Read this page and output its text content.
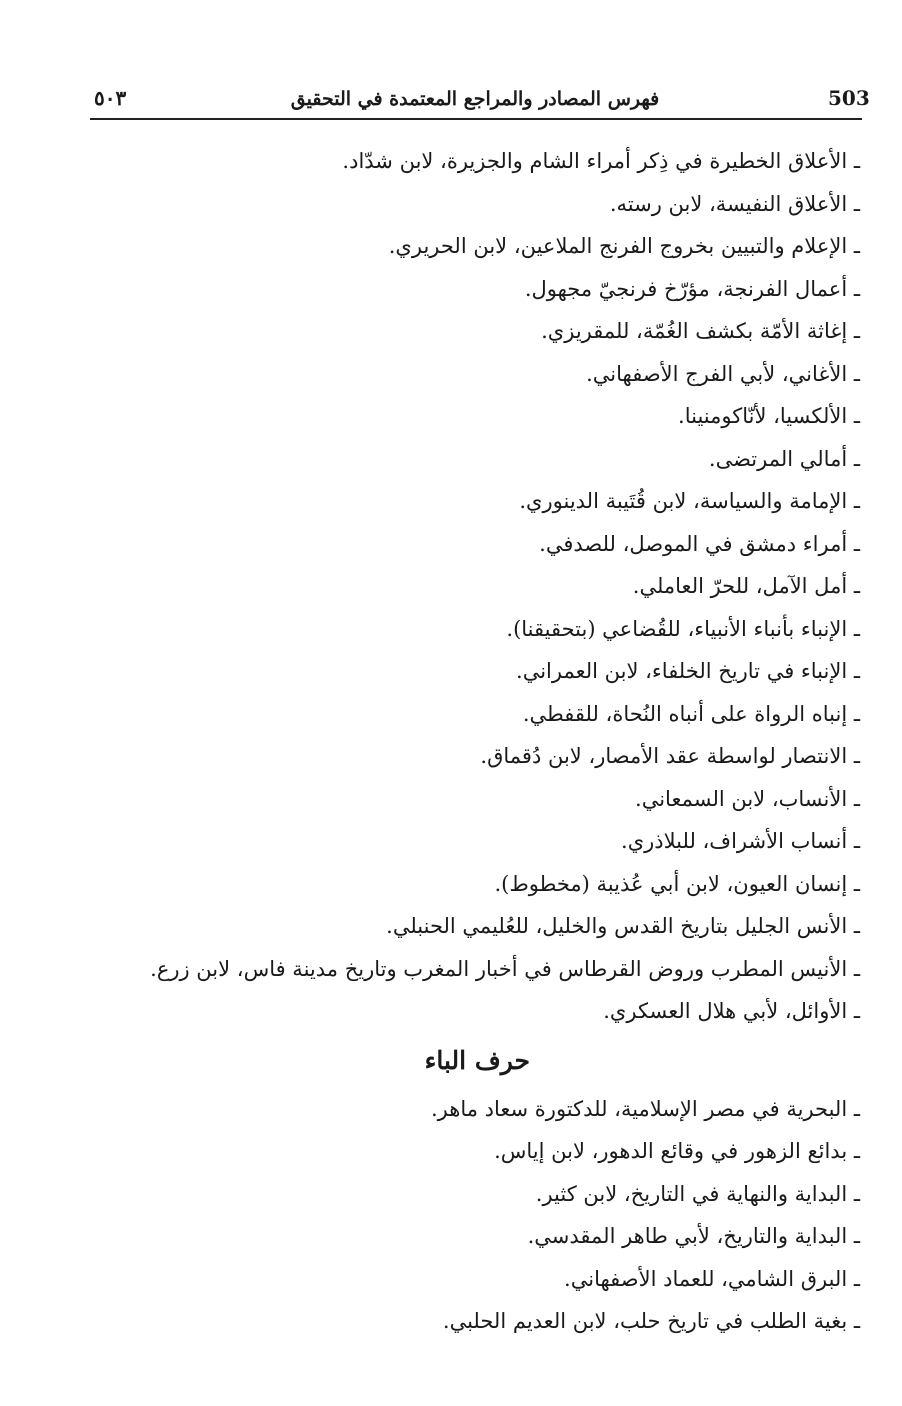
503
فهرس المصادر والمراجع المعتمدة في التحقيق
٥٠٣
ـ الأعلاق الخطيرة في ذِكر أمراء الشام والجزيرة، لابن شدّاد.
ـ الأعلاق النفيسة، لابن رسته.
ـ الإعلام والتبيين بخروج الفرنج الملاعين، لابن الحريري.
ـ أعمال الفرنجة، مؤرّخ فرنجيّ مجهول.
ـ إغاثة الأمّة بكشف الغُمّة، للمقريزي.
ـ الأغاني، لأبي الفرج الأصفهاني.
ـ الألكسيا، لأنّاكومنينا.
ـ أمالي المرتضى.
ـ الإمامة والسياسة، لابن قُتَيبة الدينوري.
ـ أمراء دمشق في الموصل، للصدفي.
ـ أمل الآمل، للحرّ العاملي.
ـ الإنباء بأنباء الأنبياء، للقُضاعي (بتحقيقنا).
ـ الإنباء في تاريخ الخلفاء، لابن العمراني.
ـ إنباه الرواة على أنباه النُحاة، للقفطي.
ـ الانتصار لواسطة عقد الأمصار، لابن دُقماق.
ـ الأنساب، لابن السمعاني.
ـ أنساب الأشراف، للبلاذري.
ـ إنسان العيون، لابن أبي عُذيبة (مخطوط).
ـ الأنس الجليل بتاريخ القدس والخليل، للعُليمي الحنبلي.
ـ الأنيس المطرب وروض القرطاس في أخبار المغرب وتاريخ مدينة فاس، لابن زرع.
ـ الأوائل، لأبي هلال العسكري.
حرف الباء
ـ البحرية في مصر الإسلامية، للدكتورة سعاد ماهر.
ـ بدائع الزهور في وقائع الدهور، لابن إياس.
ـ البداية والنهاية في التاريخ، لابن كثير.
ـ البداية والتاريخ، لأبي طاهر المقدسي.
ـ البرق الشامي، للعماد الأصفهاني.
ـ بغية الطلب في تاريخ حلب، لابن العديم الحلبي.
